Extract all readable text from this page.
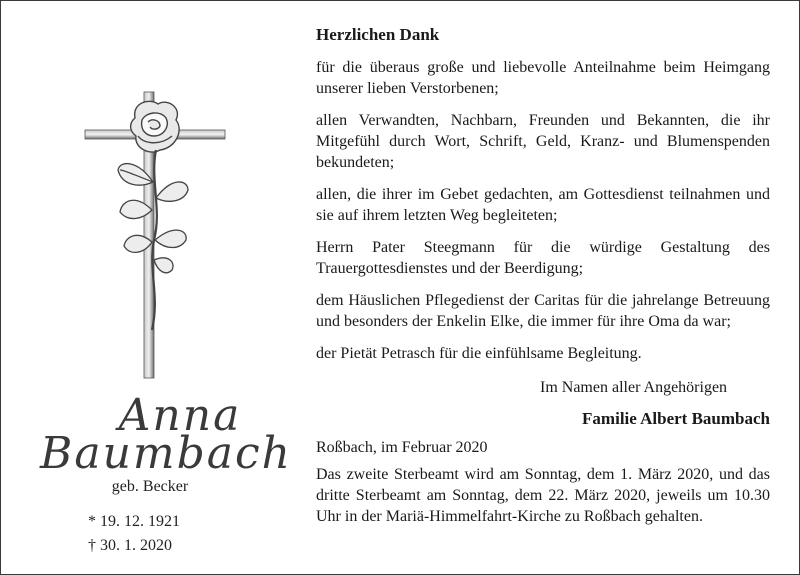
Anna
Baumbach
geb. Becker
* 19. 12. 1921
† 30. 1. 2020

Herzlichen Dank

für die überaus große und liebevolle Anteilnahme beim Heimgang unserer lieben Verstorbenen;

allen Verwandten, Nachbarn, Freunden und Bekannten, die ihr Mitgefühl durch Wort, Schrift, Geld, Kranz- und Blumenspenden bekundeten;

allen, die ihrer im Gebet gedachten, am Gottesdienst teilnahmen und sie auf ihrem letzten Weg begleiteten;

Herrn Pater Steegmann für die würdige Gestaltung des Trauergottesdienstes und der Beerdigung;

dem Häuslichen Pflegedienst der Caritas für die jahrelange Betreuung und besonders der Enkelin Elke, die immer für ihre Oma da war;

der Pietät Petrasch für die einfühlsame Begleitung.

Im Namen aller Angehörigen

Familie Albert Baumbach

Roßbach, im Februar 2020

Das zweite Sterbeamt wird am Sonntag, dem 1. März 2020, und das dritte Sterbeamt am Sonntag, dem 22. März 2020, jeweils um 10.30 Uhr in der Mariä-Himmelfahrt-Kirche zu Roßbach gehalten.
